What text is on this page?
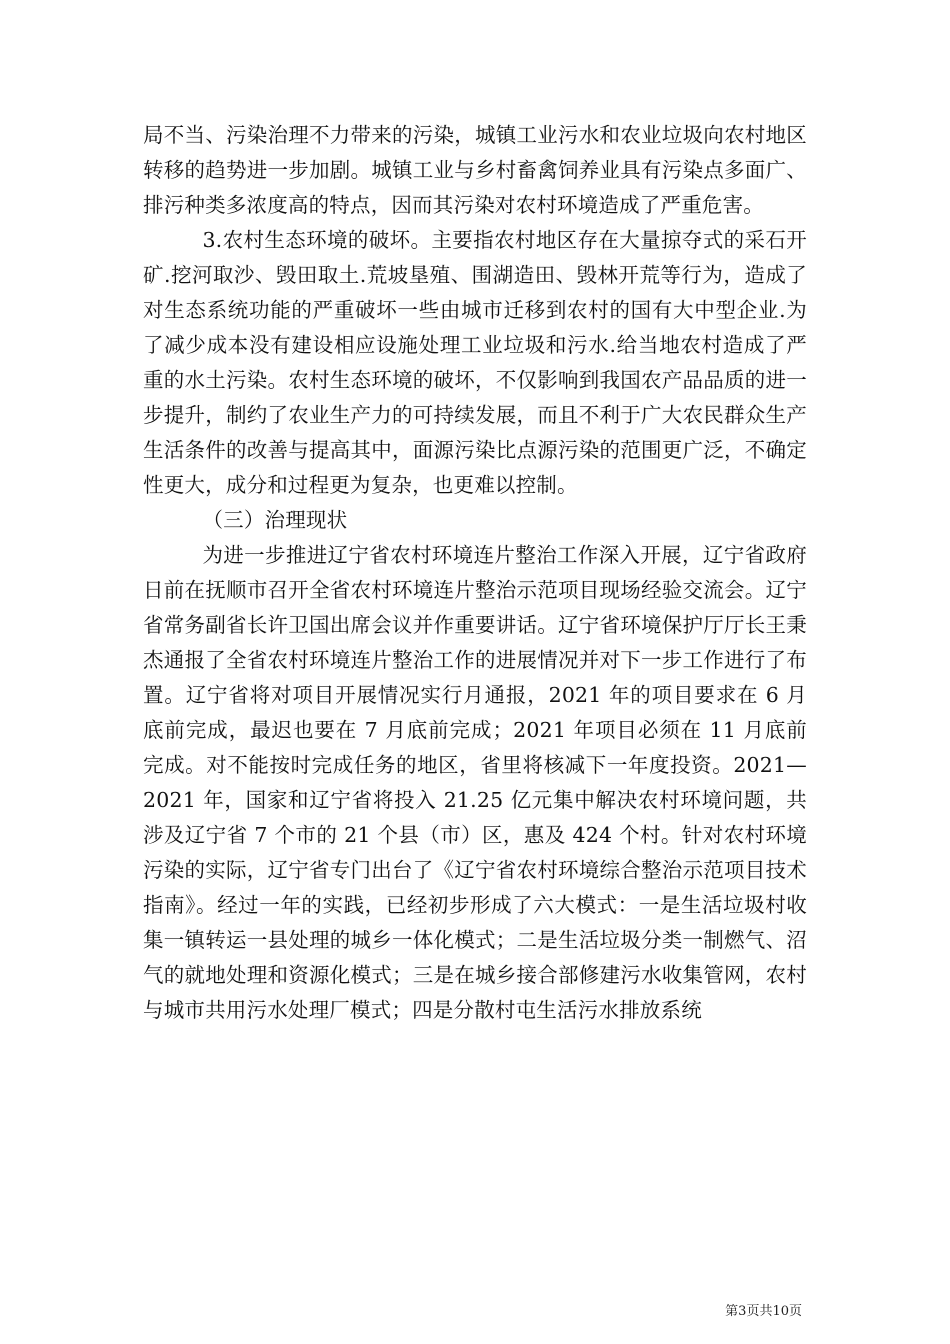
局不当、污染治理不力带来的污染，城镇工业污水和农业垃圾向农村地区转移的趋势进一步加剧。城镇工业与乡村畜禽饲养业具有污染点多面广、排污种类多浓度高的特点，因而其污染对农村环境造成了严重危害。

3.农村生态环境的破坏。主要指农村地区存在大量掠夺式的采石开矿.挖河取沙、毁田取土.荒坡垦殖、围湖造田、毁林开荒等行为，造成了对生态系统功能的严重破坏一些由城市迁移到农村的国有大中型企业.为了减少成本没有建设相应设施处理工业垃圾和污水.给当地农村造成了严重的水土污染。农村生态环境的破坏，不仅影响到我国农产品品质的进一步提升，制约了农业生产力的可持续发展，而且不利于广大农民群众生产生活条件的改善与提高其中，面源污染比点源污染的范围更广泛，不确定性更大，成分和过程更为复杂，也更难以控制。

（三）治理现状

为进一步推进辽宁省农村环境连片整治工作深入开展，辽宁省政府日前在抚顺市召开全省农村环境连片整治示范项目现场经验交流会。辽宁省常务副省长许卫国出席会议并作重要讲话。辽宁省环境保护厅厅长王秉杰通报了全省农村环境连片整治工作的进展情况并对下一步工作进行了布置。辽宁省将对项目开展情况实行月通报，2021 年的项目要求在 6 月底前完成，最迟也要在 7 月底前完成；2021 年项目必须在 11 月底前完成。对不能按时完成任务的地区，省里将核减下一年度投资。2021—2021 年，国家和辽宁省将投入 21.25 亿元集中解决农村环境问题，共涉及辽宁省 7 个市的 21 个县（市）区，惠及 424 个村。针对农村环境污染的实际，辽宁省专门出台了《辽宁省农村环境综合整治示范项目技术指南》。经过一年的实践，已经初步形成了六大模式：一是生活垃圾村收集一镇转运一县处理的城乡一体化模式；二是生活垃圾分类一制燃气、沼气的就地处理和资源化模式；三是在城乡接合部修建污水收集管网，农村与城市共用污水处理厂模式；四是分散村屯生活污水排放系统

第3页共10页
